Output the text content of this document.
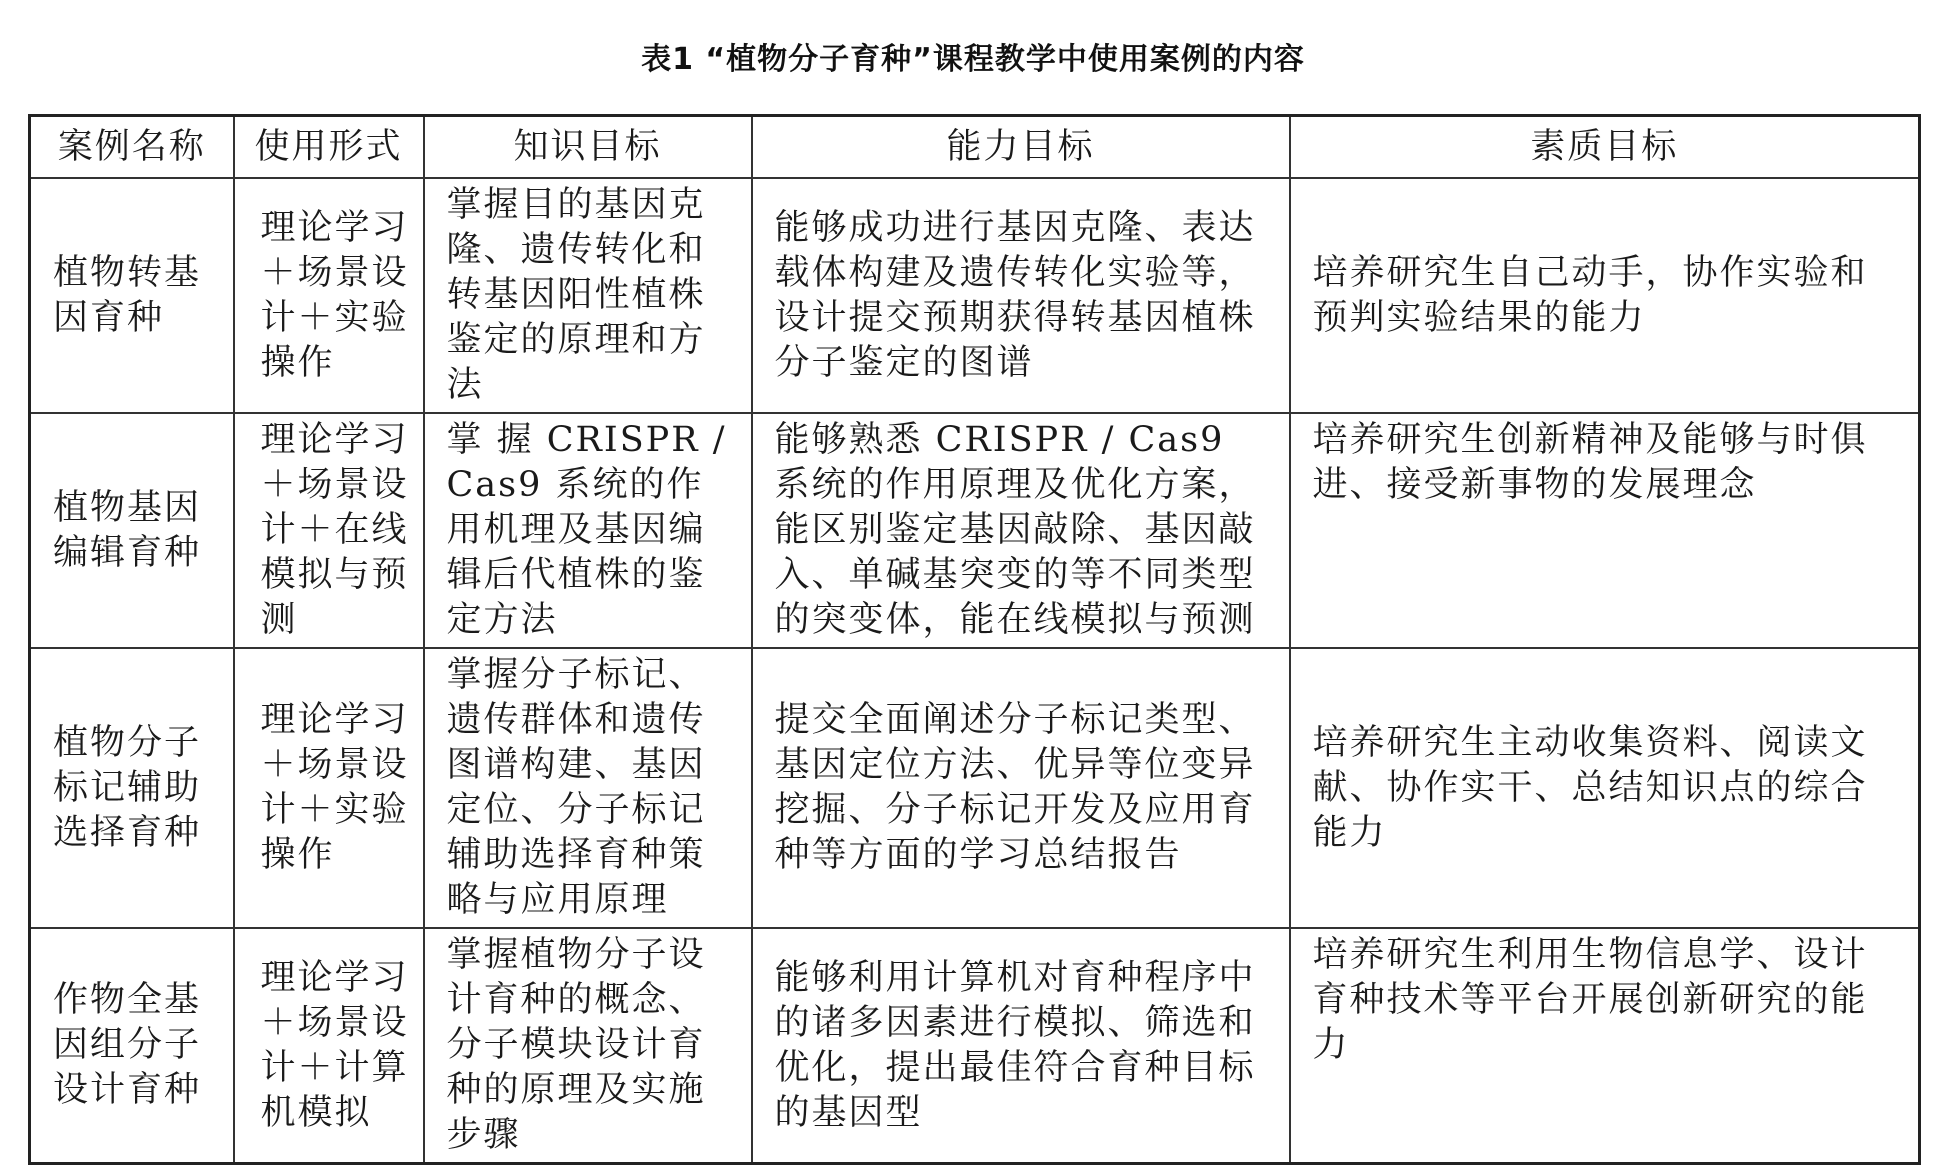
表1 “植物分子育种”课程教学中使用案例的内容
案例名称	使用形式	知识目标	能力目标	素质目标

植物转基因育种	理论学习＋场景设计＋实验操作	掌握目的基因克隆、遗传转化和转基因阳性植株鉴定的原理和方法	能够成功进行基因克隆、表达载体构建及遗传转化实验等，设计提交预期获得转基因植株分子鉴定的图谱	培养研究生自己动手，协作实验和预判实验结果的能力

植物基因编辑育种	理论学习＋场景设计＋在线模拟与预测	掌 握 CRISPR / Cas9 系统的作用机理及基因编辑后代植株的鉴定方法	能够熟悉 CRISPR / Cas9 系统的作用原理及优化方案，能区别鉴定基因敲除、基因敲入、单碱基突变的等不同类型的突变体，能在线模拟与预测	培养研究生创新精神及能够与时俱进、接受新事物的发展理念

植物分子标记辅助选择育种	理论学习＋场景设计＋实验操作	掌握分子标记、遗传群体和遗传图谱构建、基因定位、分子标记辅助选择育种策略与应用原理	提交全面阐述分子标记类型、基因定位方法、优异等位变异挖掘、分子标记开发及应用育种等方面的学习总结报告	培养研究生主动收集资料、阅读文献、协作实干、总结知识点的综合能力

作物全基因组分子设计育种	理论学习＋场景设计＋计算机模拟	掌握植物分子设计育种的概念、分子模块设计育种的原理及实施步骤	能够利用计算机对育种程序中的诸多因素进行模拟、筛选和优化，提出最佳符合育种目标的基因型	培养研究生利用生物信息学、设计育种技术等平台开展创新研究的能力
